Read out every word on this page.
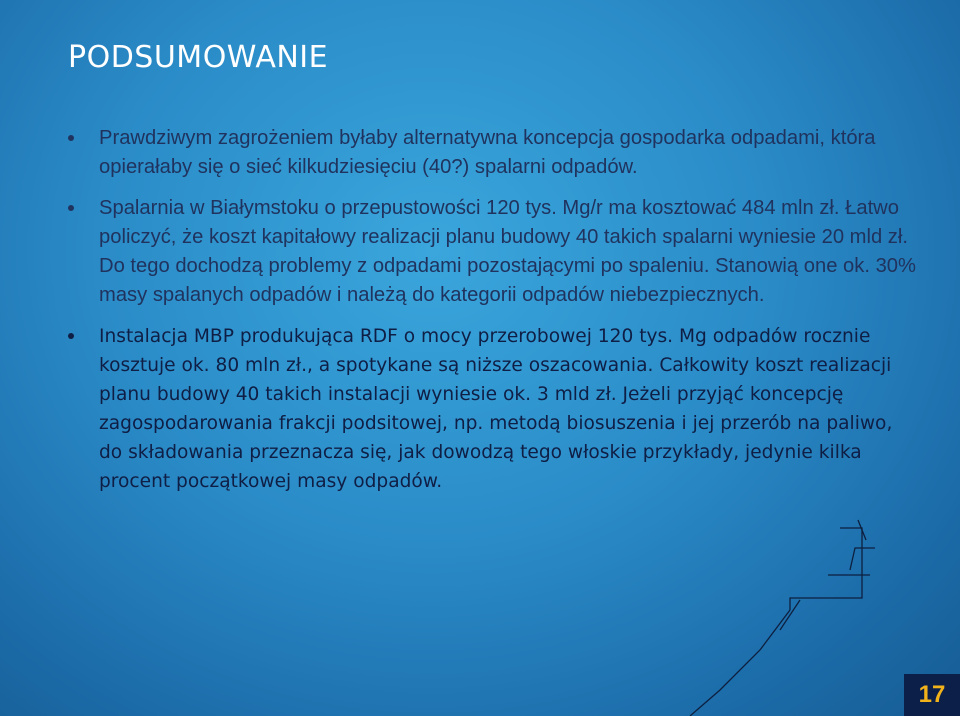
PODSUMOWANIE
Prawdziwym zagrożeniem byłaby alternatywna koncepcja gospodarka odpadami, która opierałaby się o sieć kilkudziesięciu (40?) spalarni odpadów.
Spalarnia w Białymstoku o przepustowości 120 tys. Mg/r ma kosztować 484 mln zł. Łatwo policzyć, że koszt kapitałowy realizacji planu budowy 40 takich spalarni wyniesie 20 mld zł. Do tego dochodzą problemy z odpadami pozostającymi po spaleniu. Stanowią one ok. 30% masy spalanych odpadów i należą do kategorii odpadów niebezpiecznych.
Instalacja MBP produkująca RDF o mocy przerobowej 120 tys. Mg odpadów rocznie kosztuje ok. 80 mln zł., a spotykane są niższe oszacowania. Całkowity koszt realizacji planu budowy 40 takich instalacji wyniesie ok. 3 mld zł. Jeżeli przyjąć koncepcję zagospodarowania frakcji podsitowej, np. metodą biosuszenia i jej przerób na paliwo, do składowania przeznacza się, jak dowodzą tego włoskie przykłady, jedynie kilka procent początkowej masy odpadów.
17
